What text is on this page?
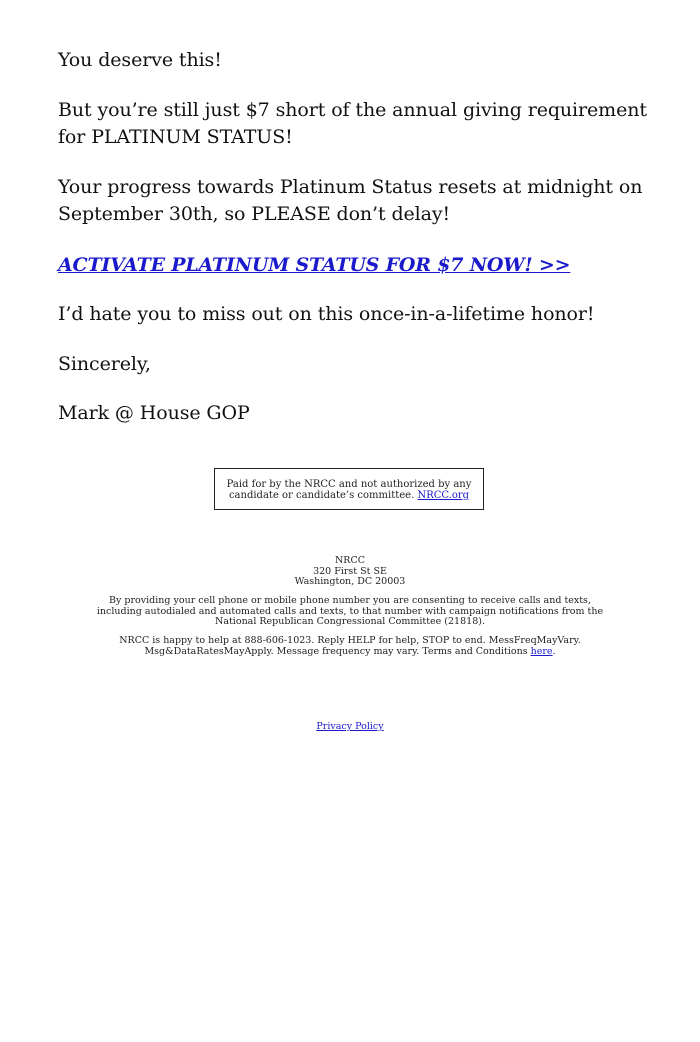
You deserve this!

But you’re still just $7 short of the annual giving requirement for PLATINUM STATUS!

Your progress towards Platinum Status resets at midnight on September 30th, so PLEASE don’t delay!

ACTIVATE PLATINUM STATUS FOR $7 NOW! >>

I’d hate you to miss out on this once-in-a-lifetime honor!

Sincerely,

Mark @ House GOP

Paid for by the NRCC and not authorized by any candidate or candidate’s committee. NRCC.org

NRCC

320 First St SE

Washington, DC 20003

By providing your cell phone or mobile phone number you are consenting to receive calls and texts, including autodialed and automated calls and texts, to that number with campaign notifications from the National Republican Congressional Committee (21818).

NRCC is happy to help at 888-606-1023. Reply HELP for help, STOP to end. MessFreqMayVary. Msg&DataRatesMayApply. Message frequency may vary. Terms and Conditions here.

Privacy Policy
